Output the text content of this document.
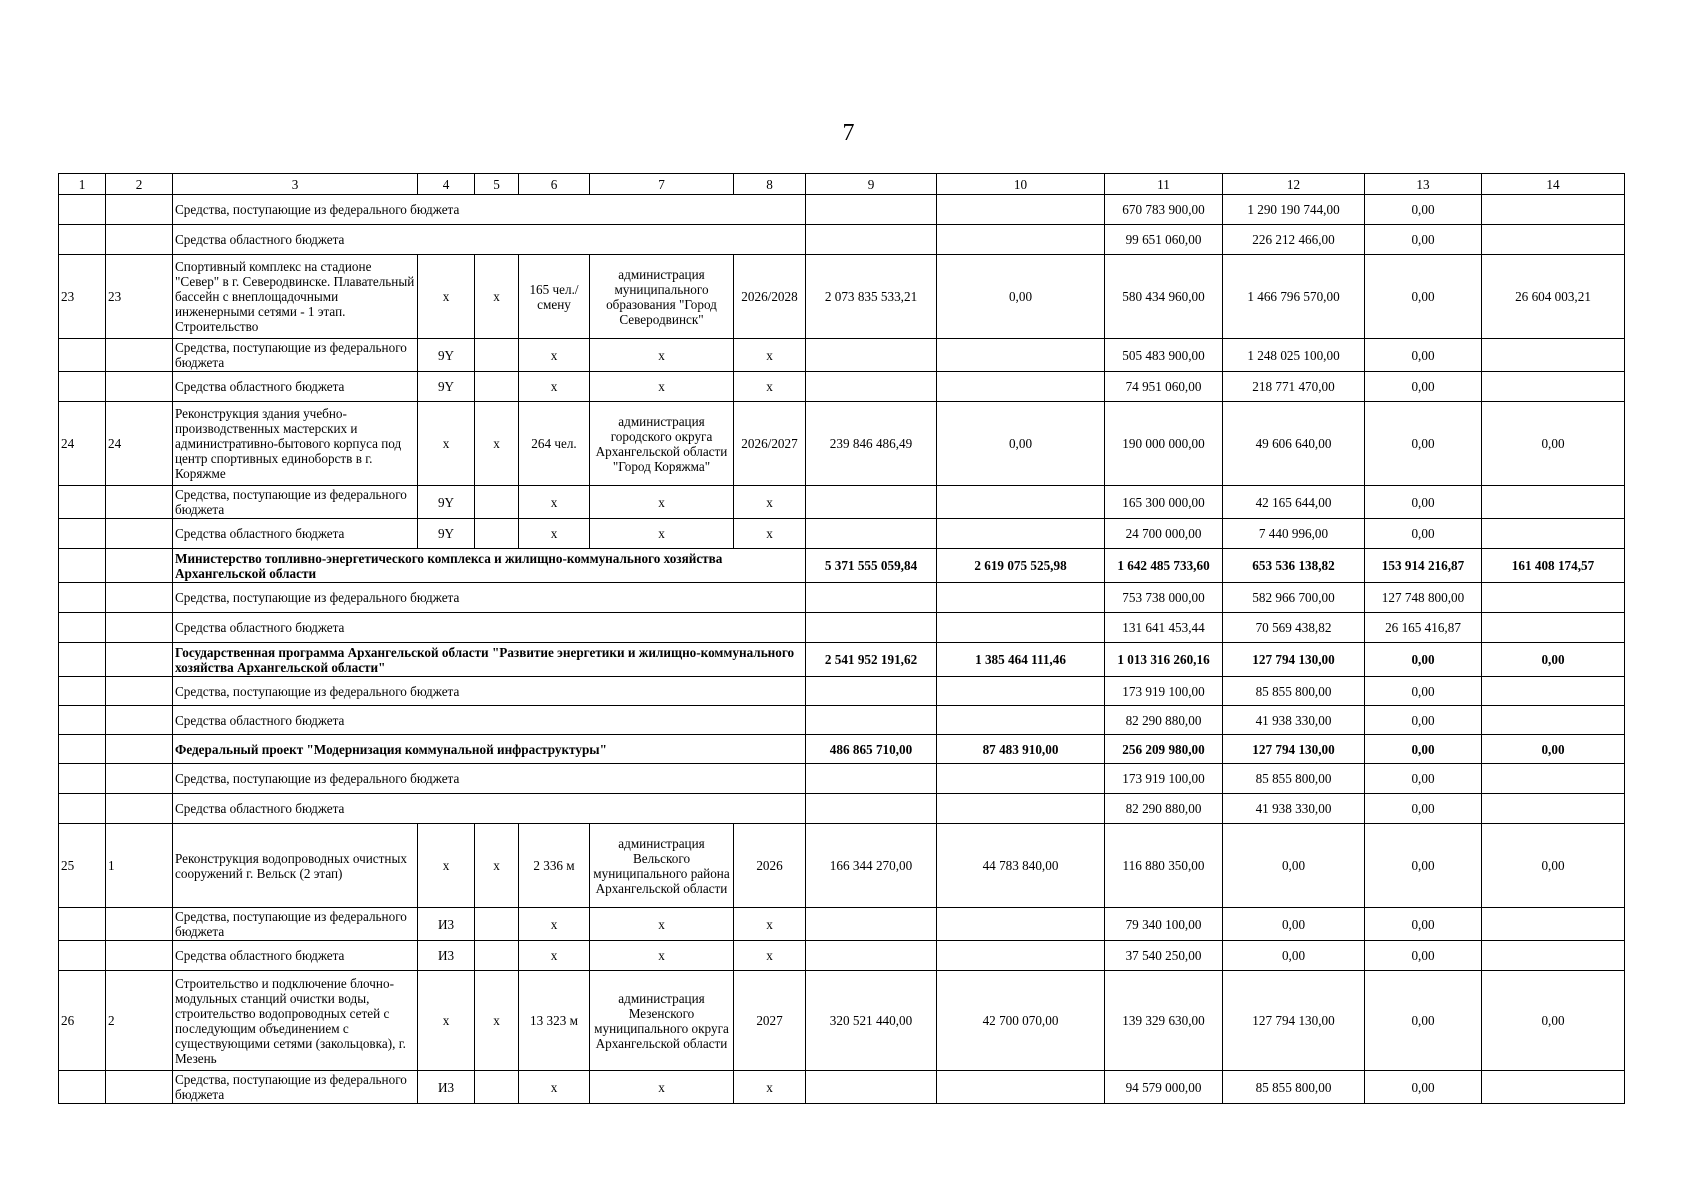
7
1	2	3	4	5	6	7	8	9	10	11	12	13	14
		Средства, поступающие из федерального бюджета								670 783 900,00	1 290 190 744,00	0,00	
		Средства областного бюджета								99 651 060,00	226 212 466,00	0,00	
23	23	Спортивный комплекс на стадионе "Север" в г. Северодвинске. Плавательный бассейн с внеплощадочными инженерными сетями - 1 этап. Строительство	х	х	165 чел./смену	администрация муниципального образования "Город Северодвинск"	2026/2028	2 073 835 533,21	0,00	580 434 960,00	1 466 796 570,00	0,00	26 604 003,21
		Средства, поступающие из федерального бюджета	9Y		х	х	х			505 483 900,00	1 248 025 100,00	0,00	
		Средства областного бюджета	9Y		х	х	х			74 951 060,00	218 771 470,00	0,00	
24	24	Реконструкция здания учебно-производственных мастерских и административно-бытового корпуса под центр спортивных единоборств в г. Коряжме	х	х	264 чел.	администрация городского округа Архангельской области "Город Коряжма"	2026/2027	239 846 486,49	0,00	190 000 000,00	49 606 640,00	0,00	0,00
		Средства, поступающие из федерального бюджета	9Y		х	х	х			165 300 000,00	42 165 644,00	0,00	
		Средства областного бюджета	9Y		х	х	х			24 700 000,00	7 440 996,00	0,00	
		Министерство топливно-энергетического комплекса и жилищно-коммунального хозяйства Архангельской области						5 371 555 059,84	2 619 075 525,98	1 642 485 733,60	653 536 138,82	153 914 216,87	161 408 174,57
		Средства, поступающие из федерального бюджета								753 738 000,00	582 966 700,00	127 748 800,00	
		Средства областного бюджета								131 641 453,44	70 569 438,82	26 165 416,87	
		Государственная программа Архангельской области "Развитие энергетики и жилищно-коммунального хозяйства Архангельской области"						2 541 952 191,62	1 385 464 111,46	1 013 316 260,16	127 794 130,00	0,00	0,00
		Средства, поступающие из федерального бюджета								173 919 100,00	85 855 800,00	0,00	
		Средства областного бюджета								82 290 880,00	41 938 330,00	0,00	
		Федеральный проект "Модернизация коммунальной инфраструктуры"						486 865 710,00	87 483 910,00	256 209 980,00	127 794 130,00	0,00	0,00
		Средства, поступающие из федерального бюджета								173 919 100,00	85 855 800,00	0,00	
		Средства областного бюджета								82 290 880,00	41 938 330,00	0,00	
25	1	Реконструкция водопроводных очистных сооружений г. Вельск (2 этап)	х	х	2 336 м	администрация Вельского муниципального района Архангельской области	2026	166 344 270,00	44 783 840,00	116 880 350,00	0,00	0,00	0,00
		Средства, поступающие из федерального бюджета	И3		х	х	х			79 340 100,00	0,00	0,00	
		Средства областного бюджета	И3		х	х	х			37 540 250,00	0,00	0,00	
26	2	Строительство и подключение блочно-модульных станций очистки воды, строительство водопроводных сетей с последующим объединением с существующими сетями (закольцовка), г. Мезень	х	х	13 323 м	администрация Мезенского муниципального округа Архангельской области	2027	320 521 440,00	42 700 070,00	139 329 630,00	127 794 130,00	0,00	0,00
		Средства, поступающие из федерального бюджета	И3		х	х	х			94 579 000,00	85 855 800,00	0,00	
